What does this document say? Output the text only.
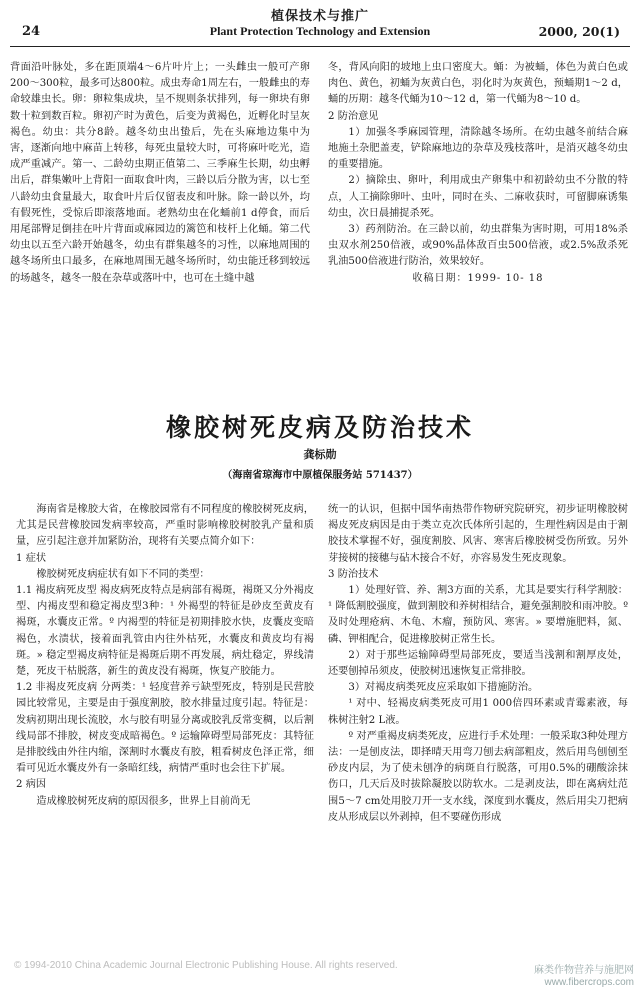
24
植保技术与推广
Plant Protection Technology and Extension	2000, 20(1)

背面沿叶脉处，多在距顶端4～6片叶片上；一头雌虫一般可产卵200～300粒，最多可达800粒。成虫寿命1周左右，一般雌虫的寿命较雄虫长。卵：卵粒集成块，呈不规则条状排列，每一卵块有卵数十粒到数百粒。卵初产时为黄色，后变为黄褐色，近孵化时呈灰褐色。幼虫：共分8龄。越冬幼虫出蛰后，先在头麻地边集中为害，逐渐向地中麻苗上转移，每死虫量较大时，可将麻叶吃光，造成严重减产。第一、二龄幼虫期正值第二、三季麻生长期，幼虫孵出后，群集嫩叶上背阳一面取食叶肉，三龄以后分散为害，以七至八龄幼虫食量最大，取食叶片后仅留表皮和叶脉。除一龄以外，均有假死性，受惊后即滚落地面。老熟幼虫在化蛹前1 d停食，而后用尾部臀足倒挂在叶片背面或麻园边的篱笆和枝杆上化蛹。第二代幼虫以五至六龄开始越冬，幼虫有群集越冬的习性，以麻地周围的越冬场所虫口最多，在麻地周围无越冬场所时，幼虫能迁移到较远的场越冬，越冬一般在杂草或落叶中，也可在土缝中越

冬，背风向阳的坡地上虫口密度大。蛹：为被蛹，体色为黄白色或肉色、黄色，初蛹为灰黄白色，羽化时为灰黄色，预蛹期1～2 d，蛹的历期：越冬代蛹为10～12 d，第一代蛹为8～10 d。

2 防治意见

1）加强冬季麻园管理，清除越冬场所。在幼虫越冬前结合麻地施土杂肥盖麦，铲除麻地边的杂草及残枝落叶，是消灭越冬幼虫的重要措施。

2）摘除虫、卵叶，利用成虫产卵集中和初龄幼虫不分散的特点，人工摘除卵叶、虫叶，同时在头、二麻收获时，可留脚麻诱集幼虫，次日晨捕捉杀死。

3）药剂防治。在三龄以前，幼虫群集为害时期，可用18%杀虫双水剂250倍液，或90%晶体敌百虫500倍液，或2.5%敌杀死乳油500倍液进行防治，效果较好。

收稿日期：1999- 10- 18

橡胶树死皮病及防治技术
龚标勋
（海南省琼海市中原植保服务站 571437）

海南省是橡胶大省，在橡胶园常有不同程度的橡胶树死皮病，尤其是民营橡胶园发病率较高，严重时影响橡胶树胶乳产量和质量，应引起注意并加紧防治，现将有关要点简介如下：

1 症状

橡胶树死皮病症状有如下不同的类型：

1.1 褐皮病死皮型 褐皮病死皮特点是病部有褐斑，褐斑又分外褐皮型、内褐皮型和稳定褐皮型3种：¹ 外褐型的特征是砂皮至黄皮有褐斑，水囊皮正常。º 内褐型的特征是初期排胶水快，皮囊皮变暗褐色，水渍状，接着面乳管由内往外枯死，水囊皮和黄皮均有褐斑。» 稳定型褐皮病特征是褐斑后期不再发展，病灶稳定，界线清楚，死皮干枯脱落，新生的黄皮没有褐斑，恢复产胶能力。

1.2 非褐皮死皮病 分两类：¹ 轻度营养亏缺型死皮，特别是民营胶园比较常见，主要是由于强度割胶，胶水排量过度引起。特征是：发病初期出现长流胶，水与胶有明显分离或胶乳反常变稠，以后割线局部不排胶，树皮变成暗褐色。º 运输障碍型局部死皮：其特征是排胶线由外往内缩，深割时水囊皮有胶，粗看树皮色泽正常，细看可见近水囊皮外有一条暗红线，病情严重时也会往下扩展。

2 病因

造成橡胶树死皮病的原因很多，世界上目前尚无

统一的认识，但据中国华南热带作物研究院研究，初步证明橡胶树褐皮死皮病因是由于类立克次氏体所引起的，生理性病因是由于割胶技术掌握不好，强度割胶、风害、寒害后橡胶树受伤所致。另外芽接树的接穗与砧木接合不好，亦容易发生死皮现象。

3 防治技术

1）处理好管、养、割3方面的关系，尤其是要实行科学割胶：¹ 降低割胶强度，做到割胶和养树相结合，避免强割胶和雨冲胶。º 及时处理疮病、木龟、木瘤，预防风、寒害。» 要增施肥料，氮、磷、钾相配合，促进橡胶树正常生长。

2）对于那些运输障碍型局部死皮，要适当浅割和割厚皮处，还要刨掉吊须皮，使胶树迅速恢复正常排胶。

3）对褐皮病类死皮应采取如下措施防治。

¹ 对中、轻褐皮病类死皮可用1 000倍四环素或青霉素液，每株树注射2 L液。

º 对严重褐皮病类死皮，应进行手术处理：一般采取3种处理方法：一是刨皮法，即择晴天用弯刀刨去病部粗皮，然后用鸟刨刨至砂皮内层，为了使未刨净的病斑自行脱落，可用0.5%的硼酸涂抹伤口，几天后及时拔除凝胶以防软水。二是剥皮法，即在离病灶范围5～7 cm处用胶刀开一支水线，深度到水囊皮，然后用尖刀把病皮从形成层以外剥掉，但不要碰伤形成

© 1994-2010 China Academic Journal Electronic Publishing House. All rights reserved.	麻类作物营养与施肥网
www.fibercrops.com
